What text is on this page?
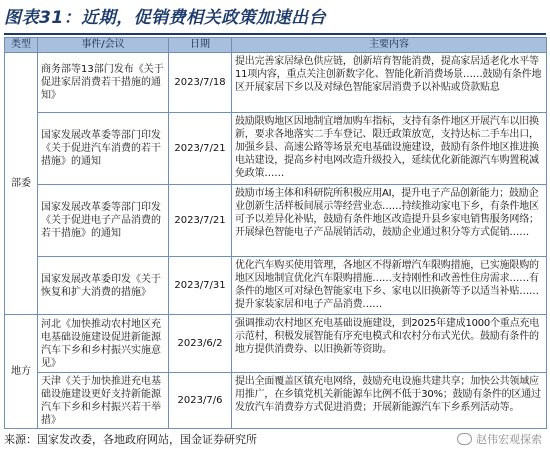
图表31：近期，促销费相关政策加速出台
类型	事件/会议	日期	主要内容
部委	商务部等13部门发布《关于促进家居消费若干措施的通知》	2023/7/18	提出完善家居绿色供应链，创新培育智能消费，提高家居适老化水平等11项内容，重点关注创新数字化、智能化新消费场景……鼓励有条件地区开展家居下乡以及对绿色智能家居消费予以补贴或贷款贴息

	国家发展改革委等部门印发《关于促进汽车消费的若干措施》的通知	2023/7/21	鼓励限购地区因地制宜增加购车指标，支持有条件地区开展汽车以旧换新，要求各地落实二手车登记、限迁政策放宽，支持达标二手车出口，加强乡县、高速公路等场景充电基础设施建设，鼓励有条件地区推进换电站建设，提高乡村电网改造升级投入，延续优化新能源汽车购置税减免政策……

	国家发展改革委等部门印发《关于促进电子产品消费的若干措施》的通知	2023/7/21	鼓励市场主体和科研院所积极应用AI，提升电子产品创新能力；鼓励企业创新生活样板间展示等经营业态……持续推动家电下乡，有条件地区可予以差异化补贴，鼓励有条件地区改造提升县乡家电销售服务网络；开展绿色智能电子产品展销活动，鼓励企业通过积分等方式促销……

	国家发展改革委印发《关于恢复和扩大消费的措施》	2023/7/31	优化汽车购买使用管理，各地区不得新增汽车限购措施，已实施限购的地区因地制宜优化汽车限购措施……支持刚性和改善性住房需求……有条件的地区可对绿色智能家电下乡、家电以旧换新等予以适当补贴……提升家装家居和电子产品消费……

地方	河北《加快推动农村地区充电基础设施建设促进新能源汽车下乡和乡村振兴实施意见》	2023/6/2	强调推动农村地区充电基础设施建设，到2025年建成1000个重点充电示范村，积极发展智能有序充电模式和农村分布式光伏。鼓励有条件的地方提供消费券、以旧换新等资助。

	天津《关于加快推进充电基础设施建设更好支持新能源汽车下乡和乡村振兴若干举措》	2023/7/6	提出全面覆盖区镇充电网络，鼓励充电设施共建共享；加快公共领域应用推广，在乡镇党机关新能源车比例不低于30%；鼓励有条件的区通过发放汽车消费券方式促进消费；开展新能源汽车下乡系列活动等。
来源：国家发改委，各地政府网站，国金证券研究所	赵伟宏观探索
